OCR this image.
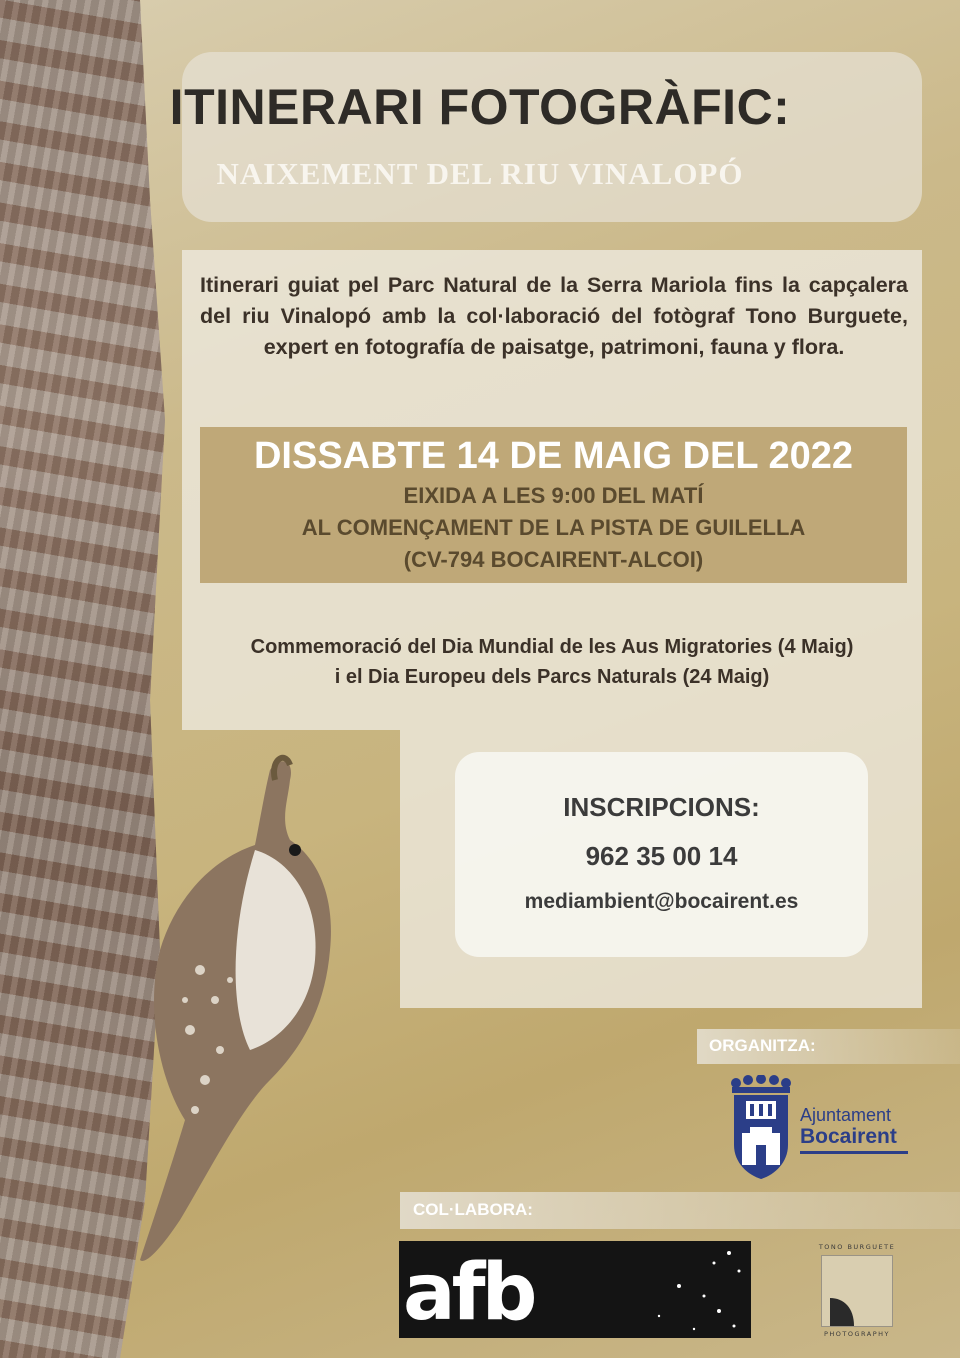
ITINERARI FOTOGRÀFIC:
NAIXEMENT DEL RIU VINALOPÓ

Itinerari guiat pel Parc Natural de la Serra Mariola fins la capçalera del riu Vinalopó amb la col·laboració del fotògraf Tono Burguete, expert en fotografía de paisatge, patrimoni, fauna y flora.

DISSABTE 14 DE MAIG DEL 2022
EIXIDA A LES 9:00 DEL MATÍ
AL COMENÇAMENT DE LA PISTA DE GUILELLA
(CV-794 BOCAIRENT-ALCOI)
Commemoració del Dia Mundial de les Aus Migratories (4 Maig)
i el Dia Europeu dels Parcs Naturals (24 Maig)
INSCRIPCIONS:
962 35 00 14
mediambient@bocairent.es
ORGANITZA:
Ajuntament
Bocairent
COL·LABORA:
afb
TONO BURGUETE
PHOTOGRAPHY
